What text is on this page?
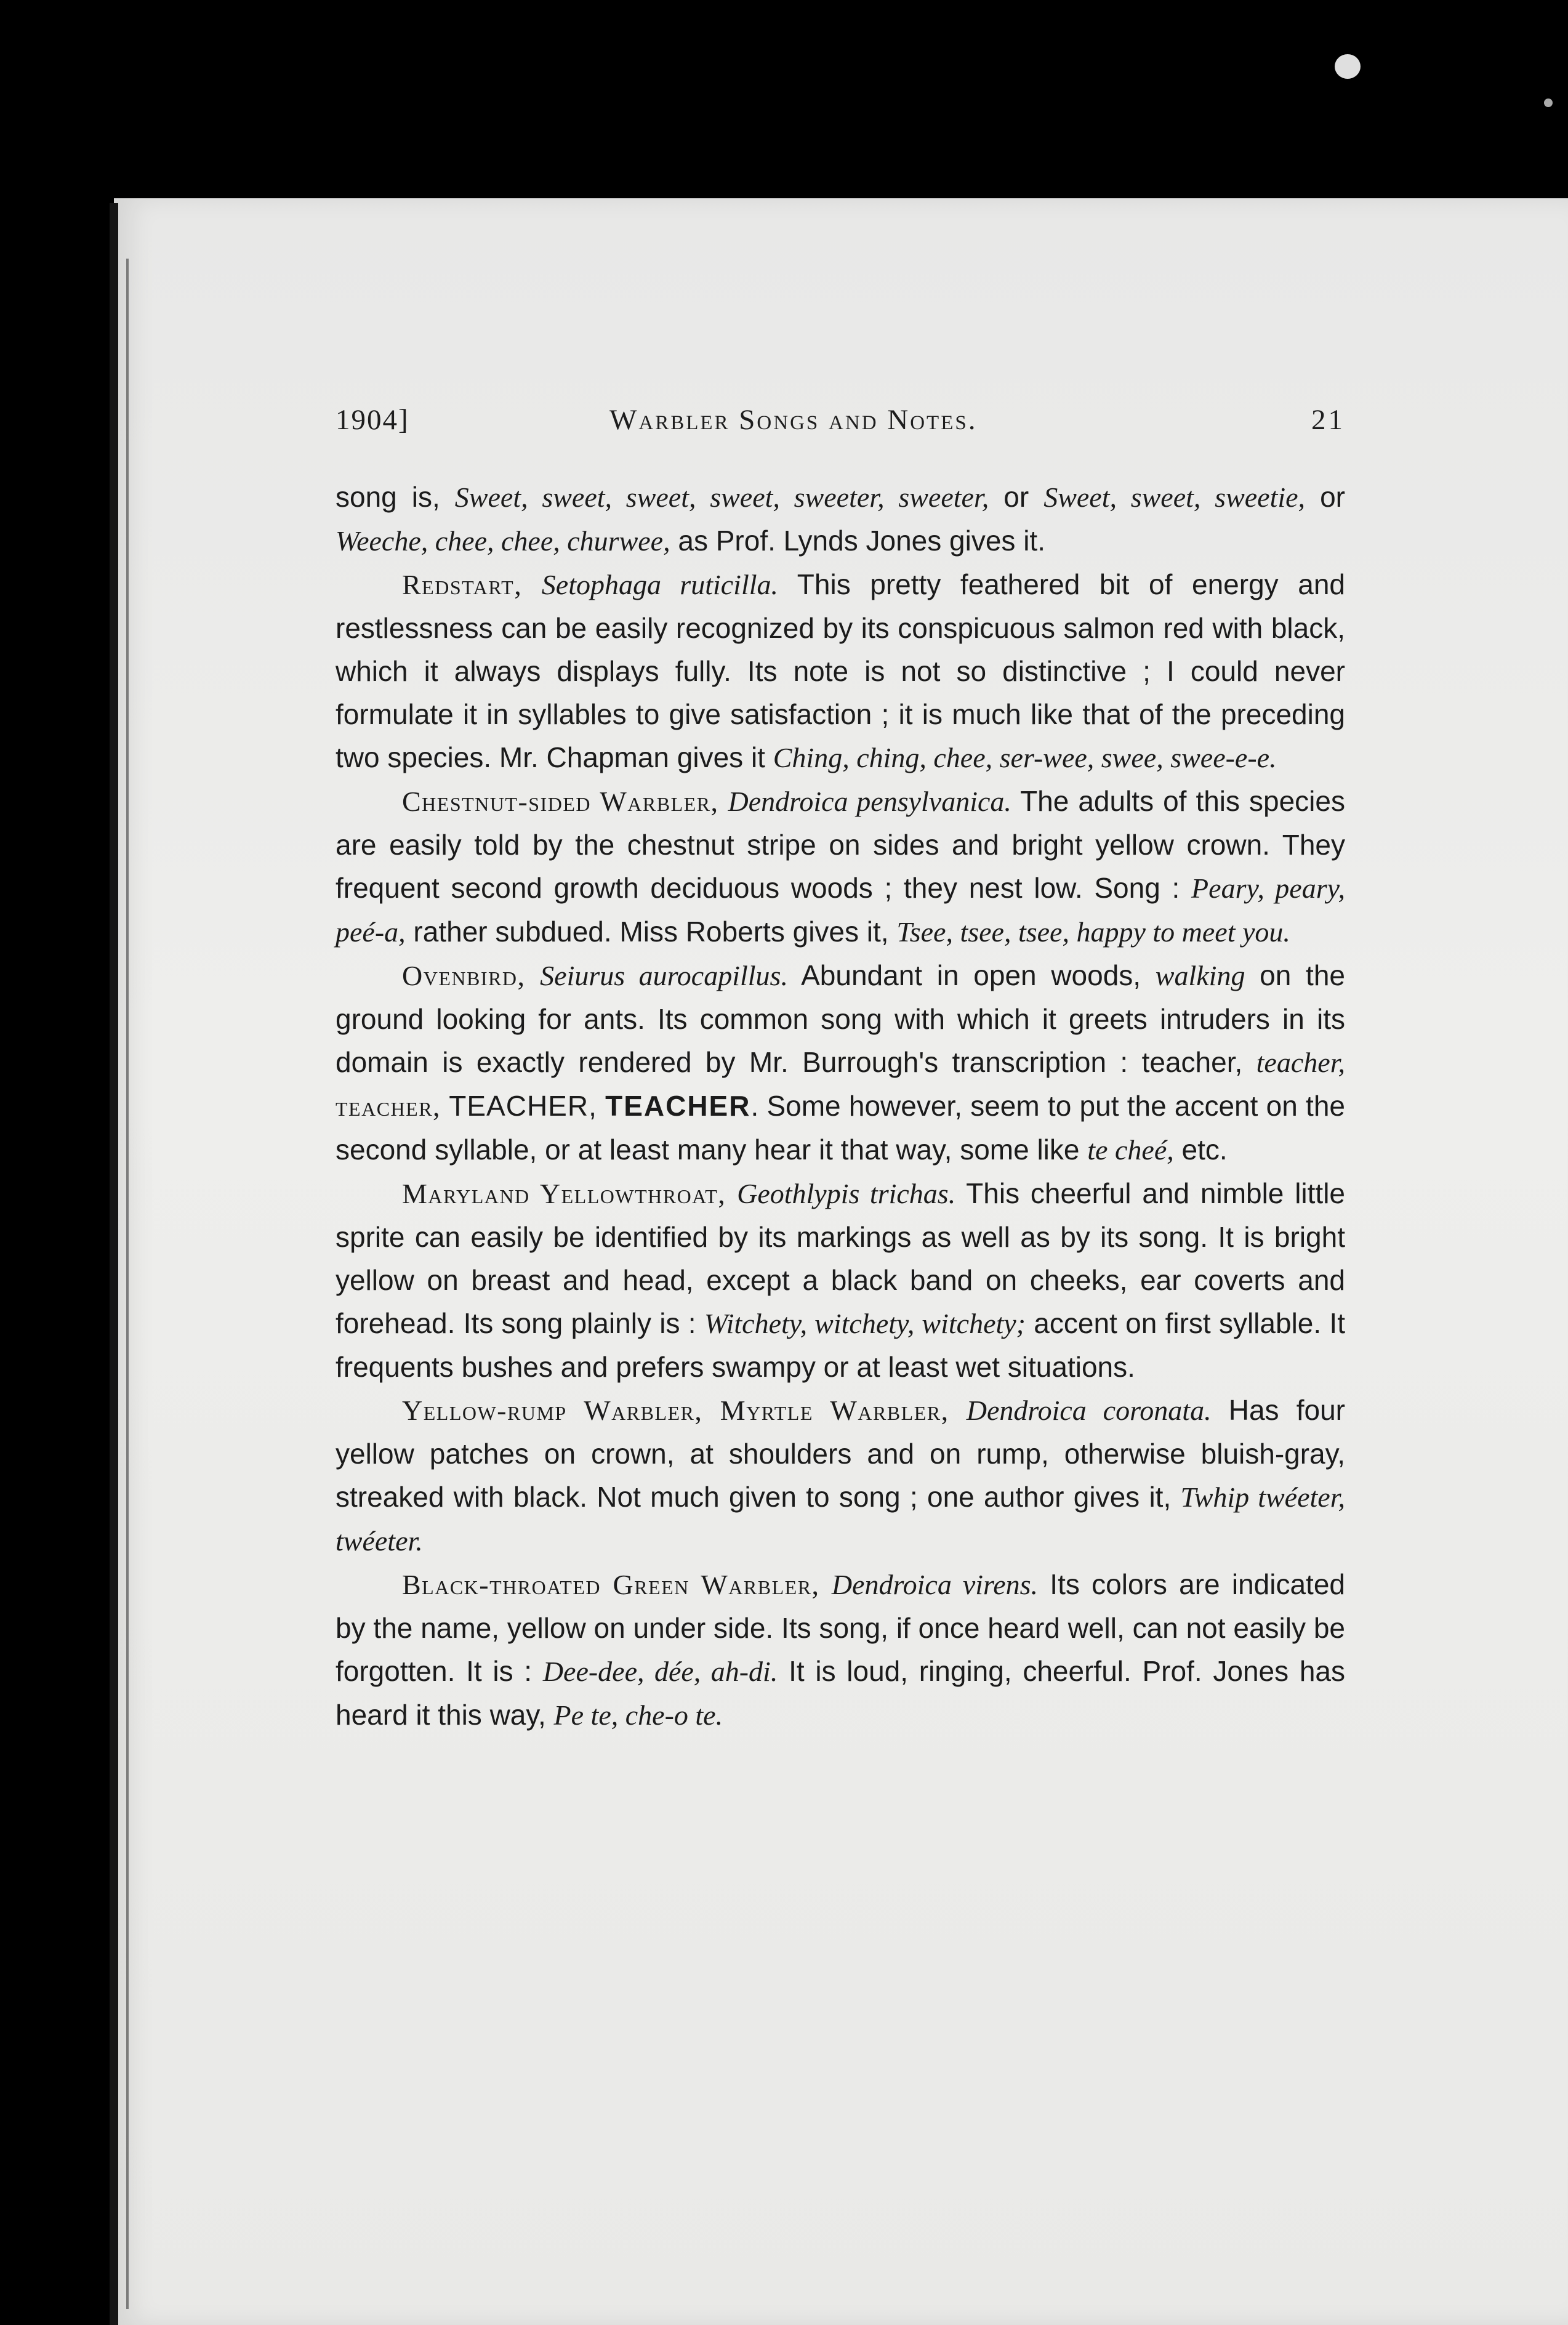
1904]	Warbler Songs and Notes.	21

song is, Sweet, sweet, sweet, sweet, sweeter, sweeter, or Sweet, sweet, sweetie, or Weeche, chee, chee, churwee, as Prof. Lynds Jones gives it.

Redstart, Setophaga ruticilla. This pretty feathered bit of energy and restlessness can be easily recognized by its conspicuous salmon red with black, which it always displays fully. Its note is not so distinctive ; I could never formulate it in syllables to give satisfaction ; it is much like that of the preceding two species. Mr. Chapman gives it Ching, ching, chee, ser-wee, swee, swee-e-e.

Chestnut-sided Warbler, Dendroica pensylvanica. The adults of this species are easily told by the chestnut stripe on sides and bright yellow crown. They frequent second growth deciduous woods ; they nest low. Song : Peary, peary, peé-a, rather subdued. Miss Roberts gives it, Tsee, tsee, tsee, happy to meet you.

Ovenbird, Seiurus aurocapillus. Abundant in open woods, walking on the ground looking for ants. Its common song with which it greets intruders in its domain is exactly rendered by Mr. Burrough's transcription : teacher, teacher, teacher, TEACHER, TEACHER. Some however, seem to put the accent on the second syllable, or at least many hear it that way, some like te cheé, etc.

Maryland Yellowthroat, Geothlypis trichas. This cheerful and nimble little sprite can easily be identified by its markings as well as by its song. It is bright yellow on breast and head, except a black band on cheeks, ear coverts and forehead. Its song plainly is : Witchety, witchety, witchety; accent on first syllable. It frequents bushes and prefers swampy or at least wet situations.

Yellow-rump Warbler, Myrtle Warbler, Dendroica coronata. Has four yellow patches on crown, at shoulders and on rump, otherwise bluish-gray, streaked with black. Not much given to song ; one author gives it, Twhip twéeter, twéeter.

Black-throated Green Warbler, Dendroica virens. Its colors are indicated by the name, yellow on under side. Its song, if once heard well, can not easily be forgotten. It is : Dee-dee, dée, ah-di. It is loud, ringing, cheerful. Prof. Jones has heard it this way, Pe te, che-o te.
